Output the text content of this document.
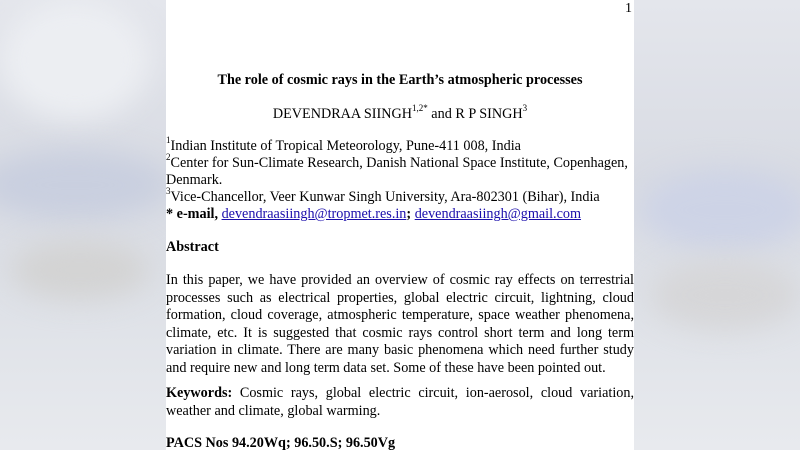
1
The role of cosmic rays in the Earth’s atmospheric processes
DEVENDRAA $SIINGH^{1,2*}$ and R P SINGH$^3$
$^1$Indian Institute of Tropical Meteorology, Pune-411 008, India
$^2$Center for Sun-Climate Research, Danish National Space Institute, Copenhagen,
Denmark.
$^3$Vice-Chancellor, Veer Kunwar Singh University, Ara-802301 (Bihar), India
* e-mail, devendraasiingh@tropmet.res.in; devendraasiingh@gmail.com
Abstract
In this paper, we have provided an overview of cosmic ray effects on terrestrial processes such as electrical properties, global electric circuit, lightning, cloud formation, cloud coverage, atmospheric temperature, space weather phenomena, climate, etc. It is suggested that cosmic rays control short term and long term variation in climate. There are many basic phenomena which need further study and require new and long term data set. Some of these have been pointed out.
Keywords: Cosmic rays, global electric circuit, ion-aerosol, cloud variation, weather and climate, global warming.
PACS Nos 94.20Wq; 96.50.S; 96.50Vg
